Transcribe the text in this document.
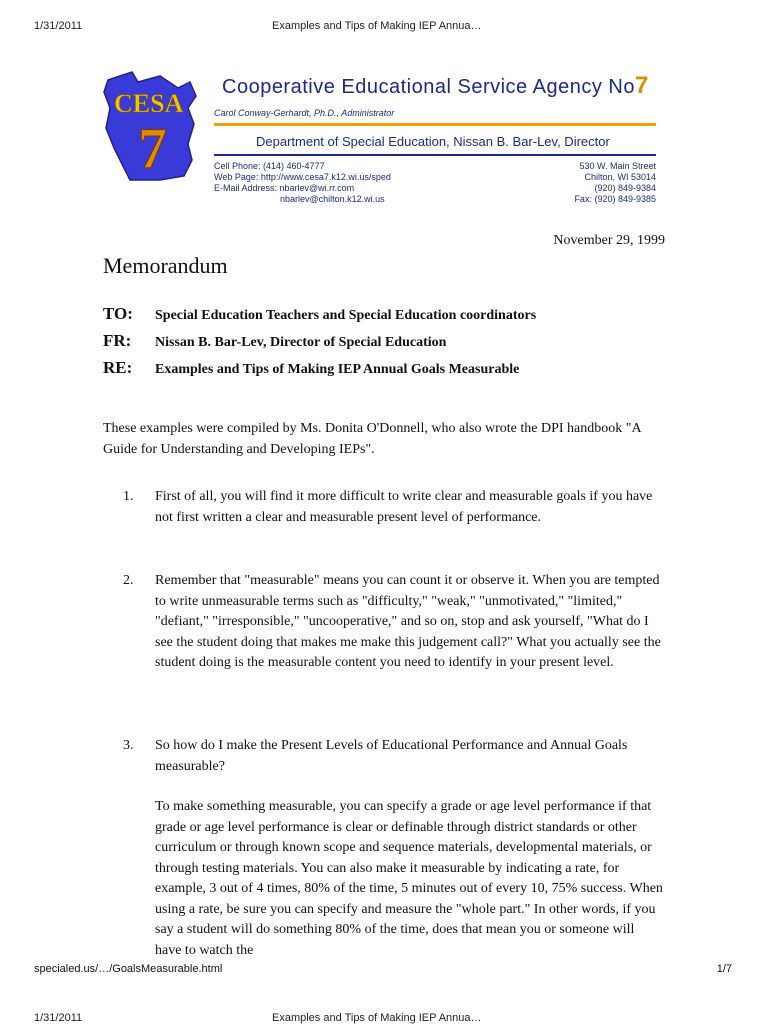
1/31/2011	Examples and Tips of Making IEP Annua…
CESA
7
Cooperative Educational Service Agency No7
Carol Conway-Gerhardt, Ph.D., Administrator
Department of Special Education, Nissan B. Bar-Lev, Director
Cell Phone: (414) 460-4777
Web Page: http://www.cesa7.k12.wi.us/sped
E-Mail Address: nbarlev@wi.rr.com
nbarlev@chilton.k12.wi.us
530 W. Main Street
Chilton, WI 53014
(920) 849-9384
Fax: (920) 849-9385
November 29, 1999
Memorandum
TO:	Special Education Teachers and Special Education coordinators
FR:	Nissan B. Bar-Lev, Director of Special Education
RE:	Examples and Tips of Making IEP Annual Goals Measurable

These examples were compiled by Ms. Donita O'Donnell, who also wrote the DPI handbook "A Guide for Understanding and Developing IEPs".

1. First of all, you will find it more difficult to write clear and measurable goals if you have not first written a clear and measurable present level of performance.
2. Remember that "measurable" means you can count it or observe it. When you are tempted to write unmeasurable terms such as "difficulty," "weak," "unmotivated," "limited," "defiant," "irresponsible," "uncooperative," and so on, stop and ask yourself, "What do I see the student doing that makes me make this judgement call?" What you actually see the student doing is the measurable content you need to identify in your present level.
3. So how do I make the Present Levels of Educational Performance and Annual Goals measurable?
To make something measurable, you can specify a grade or age level performance if that grade or age level performance is clear or definable through district standards or other curriculum or through known scope and sequence materials, developmental materials, or through testing materials. You can also make it measurable by indicating a rate, for example, 3 out of 4 times, 80% of the time, 5 minutes out of every 10, 75% success. When using a rate, be sure you can specify and measure the "whole part." In other words, if you say a student will do something 80% of the time, does that mean you or someone will have to watch the
specialed.us/…/GoalsMeasurable.html	1/7
1/31/2011	Examples and Tips of Making IEP Annua…
